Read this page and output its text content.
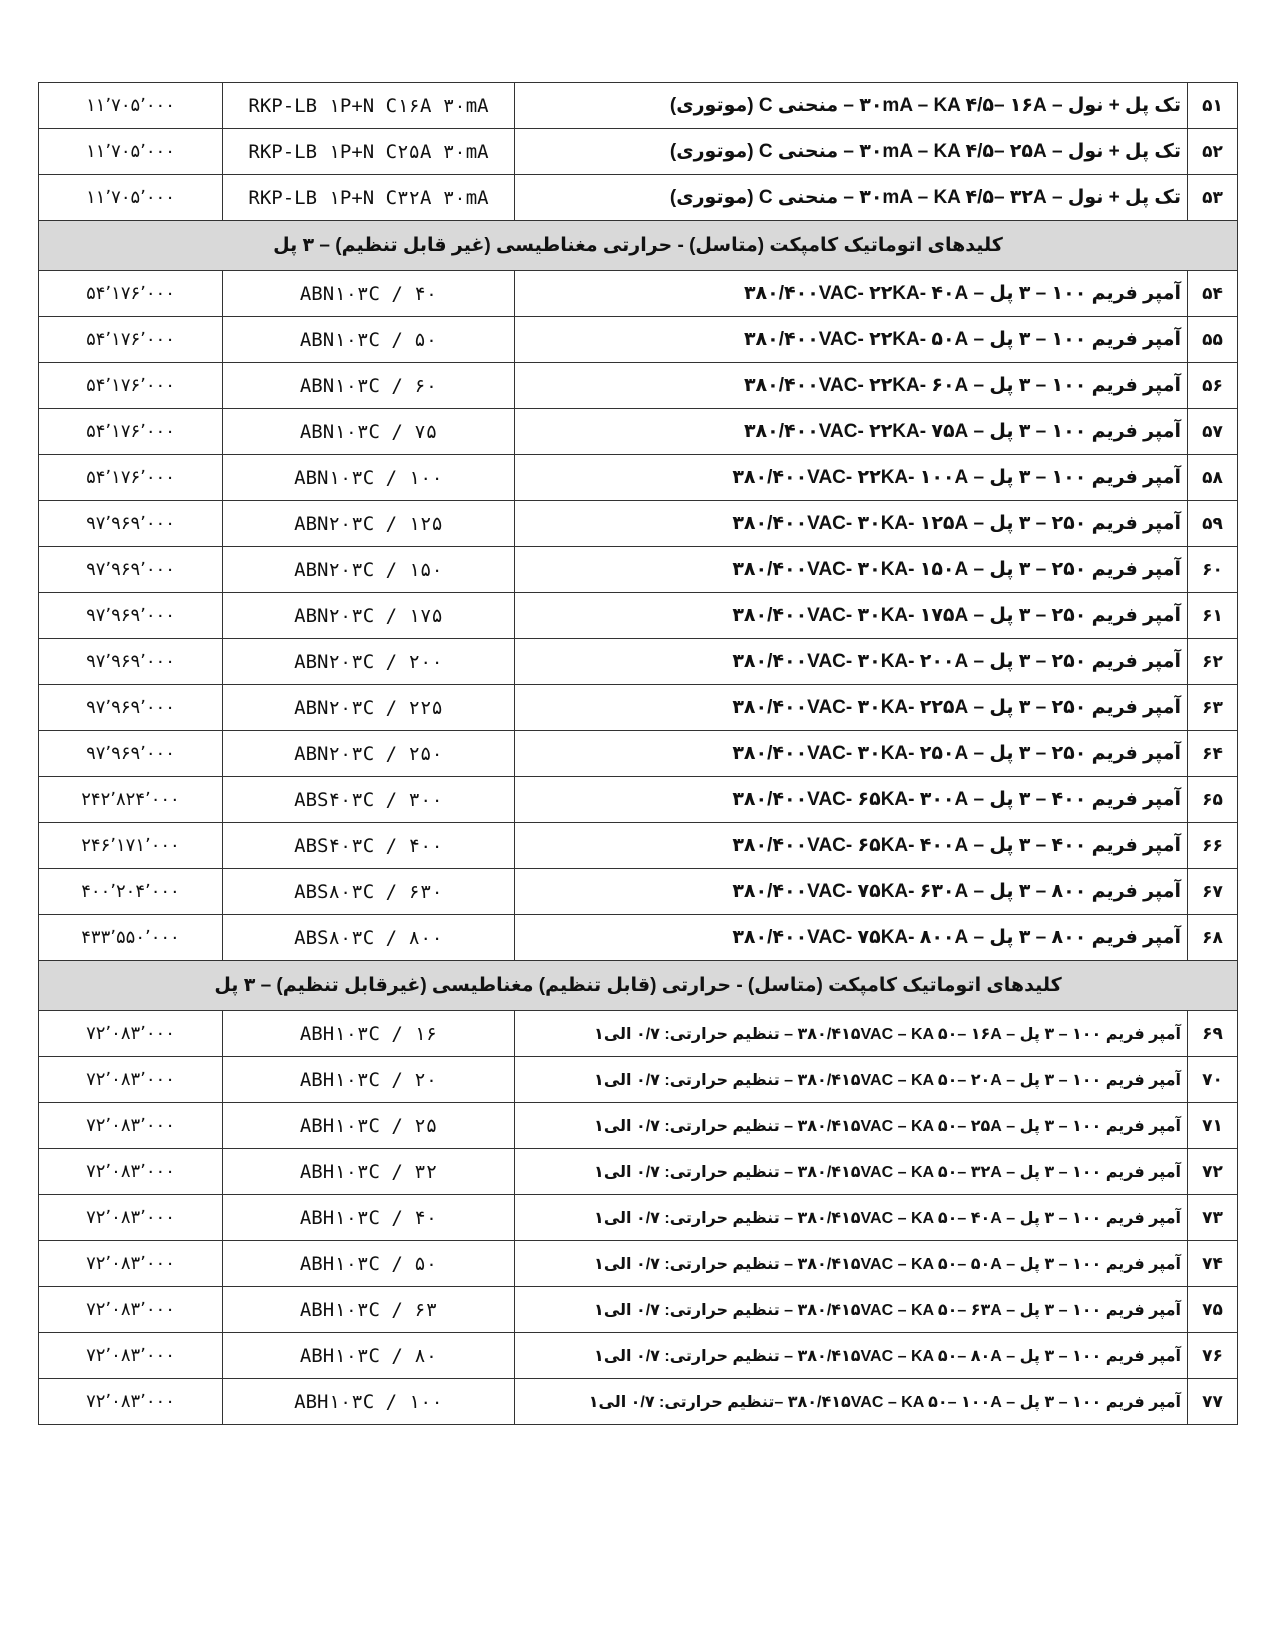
۵۱	تک پل + نول – ۳۰mA – KA ۴/۵– ۱۶A – منحنی C (موتوری)	RKP-LB ۱P+N C۱۶A ۳۰mA	۱۱٬۷۰۵٬۰۰۰
۵۲	تک پل + نول – ۳۰mA – KA ۴/۵– ۲۵A – منحنی C (موتوری)	RKP-LB ۱P+N C۲۵A ۳۰mA	۱۱٬۷۰۵٬۰۰۰
۵۳	تک پل + نول – ۳۰mA – KA ۴/۵– ۳۲A – منحنی C (موتوری)	RKP-LB ۱P+N C۳۲A ۳۰mA	۱۱٬۷۰۵٬۰۰۰
کلیدهای اتوماتیک کامپکت (متاسل) - حرارتی مغناطیسی (غیر قابل تنظیم) – ۳ پل			
۵۴	آمپر فریم ۱۰۰ – ۳ پل – ۳۸۰/۴۰۰VAC- ۲۲KA- ۴۰A	ABN۱۰۳C / ۴۰	۵۴٬۱۷۶٬۰۰۰
۵۵	آمپر فریم ۱۰۰ – ۳ پل – ۳۸۰/۴۰۰VAC- ۲۲KA- ۵۰A	ABN۱۰۳C / ۵۰	۵۴٬۱۷۶٬۰۰۰
۵۶	آمپر فریم ۱۰۰ – ۳ پل – ۳۸۰/۴۰۰VAC- ۲۲KA- ۶۰A	ABN۱۰۳C / ۶۰	۵۴٬۱۷۶٬۰۰۰
۵۷	آمپر فریم ۱۰۰ – ۳ پل – ۳۸۰/۴۰۰VAC- ۲۲KA- ۷۵A	ABN۱۰۳C / ۷۵	۵۴٬۱۷۶٬۰۰۰
۵۸	آمپر فریم ۱۰۰ – ۳ پل – ۳۸۰/۴۰۰VAC- ۲۲KA- ۱۰۰A	ABN۱۰۳C / ۱۰۰	۵۴٬۱۷۶٬۰۰۰
۵۹	آمپر فریم ۲۵۰ – ۳ پل – ۳۸۰/۴۰۰VAC- ۳۰KA- ۱۲۵A	ABN۲۰۳C / ۱۲۵	۹۷٬۹۶۹٬۰۰۰
۶۰	آمپر فریم ۲۵۰ – ۳ پل – ۳۸۰/۴۰۰VAC- ۳۰KA- ۱۵۰A	ABN۲۰۳C / ۱۵۰	۹۷٬۹۶۹٬۰۰۰
۶۱	آمپر فریم ۲۵۰ – ۳ پل – ۳۸۰/۴۰۰VAC- ۳۰KA- ۱۷۵A	ABN۲۰۳C / ۱۷۵	۹۷٬۹۶۹٬۰۰۰
۶۲	آمپر فریم ۲۵۰ – ۳ پل – ۳۸۰/۴۰۰VAC- ۳۰KA- ۲۰۰A	ABN۲۰۳C / ۲۰۰	۹۷٬۹۶۹٬۰۰۰
۶۳	آمپر فریم ۲۵۰ – ۳ پل – ۳۸۰/۴۰۰VAC- ۳۰KA- ۲۲۵A	ABN۲۰۳C / ۲۲۵	۹۷٬۹۶۹٬۰۰۰
۶۴	آمپر فریم ۲۵۰ – ۳ پل – ۳۸۰/۴۰۰VAC- ۳۰KA- ۲۵۰A	ABN۲۰۳C / ۲۵۰	۹۷٬۹۶۹٬۰۰۰
۶۵	آمپر فریم ۴۰۰ – ۳ پل – ۳۸۰/۴۰۰VAC- ۶۵KA- ۳۰۰A	ABS۴۰۳C / ۳۰۰	۲۴۲٬۸۲۴٬۰۰۰
۶۶	آمپر فریم ۴۰۰ – ۳ پل – ۳۸۰/۴۰۰VAC- ۶۵KA- ۴۰۰A	ABS۴۰۳C / ۴۰۰	۲۴۶٬۱۷۱٬۰۰۰
۶۷	آمپر فریم ۸۰۰ – ۳ پل – ۳۸۰/۴۰۰VAC- ۷۵KA- ۶۳۰A	ABS۸۰۳C / ۶۳۰	۴۰۰٬۲۰۴٬۰۰۰
۶۸	آمپر فریم ۸۰۰ – ۳ پل – ۳۸۰/۴۰۰VAC- ۷۵KA- ۸۰۰A	ABS۸۰۳C / ۸۰۰	۴۳۳٬۵۵۰٬۰۰۰
کلیدهای اتوماتیک کامپکت (متاسل) - حرارتی (قابل تنظیم) مغناطیسی (غیرقابل تنظیم) – ۳ پل			
۶۹	آمپر فریم ۱۰۰ – ۳ پل – ۳۸۰/۴۱۵VAC – KA ۵۰– ۱۶A – تنظیم حرارتی: ۰/۷ الی۱	ABH۱۰۳C / ۱۶	۷۲٬۰۸۳٬۰۰۰
۷۰	آمپر فریم ۱۰۰ – ۳ پل – ۳۸۰/۴۱۵VAC – KA ۵۰– ۲۰A – تنظیم حرارتی: ۰/۷ الی۱	ABH۱۰۳C / ۲۰	۷۲٬۰۸۳٬۰۰۰
۷۱	آمپر فریم ۱۰۰ – ۳ پل – ۳۸۰/۴۱۵VAC – KA ۵۰– ۲۵A – تنظیم حرارتی: ۰/۷ الی۱	ABH۱۰۳C / ۲۵	۷۲٬۰۸۳٬۰۰۰
۷۲	آمپر فریم ۱۰۰ – ۳ پل – ۳۸۰/۴۱۵VAC – KA ۵۰– ۳۲A – تنظیم حرارتی: ۰/۷ الی۱	ABH۱۰۳C / ۳۲	۷۲٬۰۸۳٬۰۰۰
۷۳	آمپر فریم ۱۰۰ – ۳ پل – ۳۸۰/۴۱۵VAC – KA ۵۰– ۴۰A – تنظیم حرارتی: ۰/۷ الی۱	ABH۱۰۳C / ۴۰	۷۲٬۰۸۳٬۰۰۰
۷۴	آمپر فریم ۱۰۰ – ۳ پل – ۳۸۰/۴۱۵VAC – KA ۵۰– ۵۰A – تنظیم حرارتی: ۰/۷ الی۱	ABH۱۰۳C / ۵۰	۷۲٬۰۸۳٬۰۰۰
۷۵	آمپر فریم ۱۰۰ – ۳ پل – ۳۸۰/۴۱۵VAC – KA ۵۰– ۶۳A – تنظیم حرارتی: ۰/۷ الی۱	ABH۱۰۳C / ۶۳	۷۲٬۰۸۳٬۰۰۰
۷۶	آمپر فریم ۱۰۰ – ۳ پل – ۳۸۰/۴۱۵VAC – KA ۵۰– ۸۰A – تنظیم حرارتی: ۰/۷ الی۱	ABH۱۰۳C / ۸۰	۷۲٬۰۸۳٬۰۰۰
۷۷	آمپر فریم ۱۰۰ – ۳ پل – ۳۸۰/۴۱۵VAC – KA ۵۰– ۱۰۰A –تنظیم حرارتی: ۰/۷ الی۱	ABH۱۰۳C / ۱۰۰	۷۲٬۰۸۳٬۰۰۰
